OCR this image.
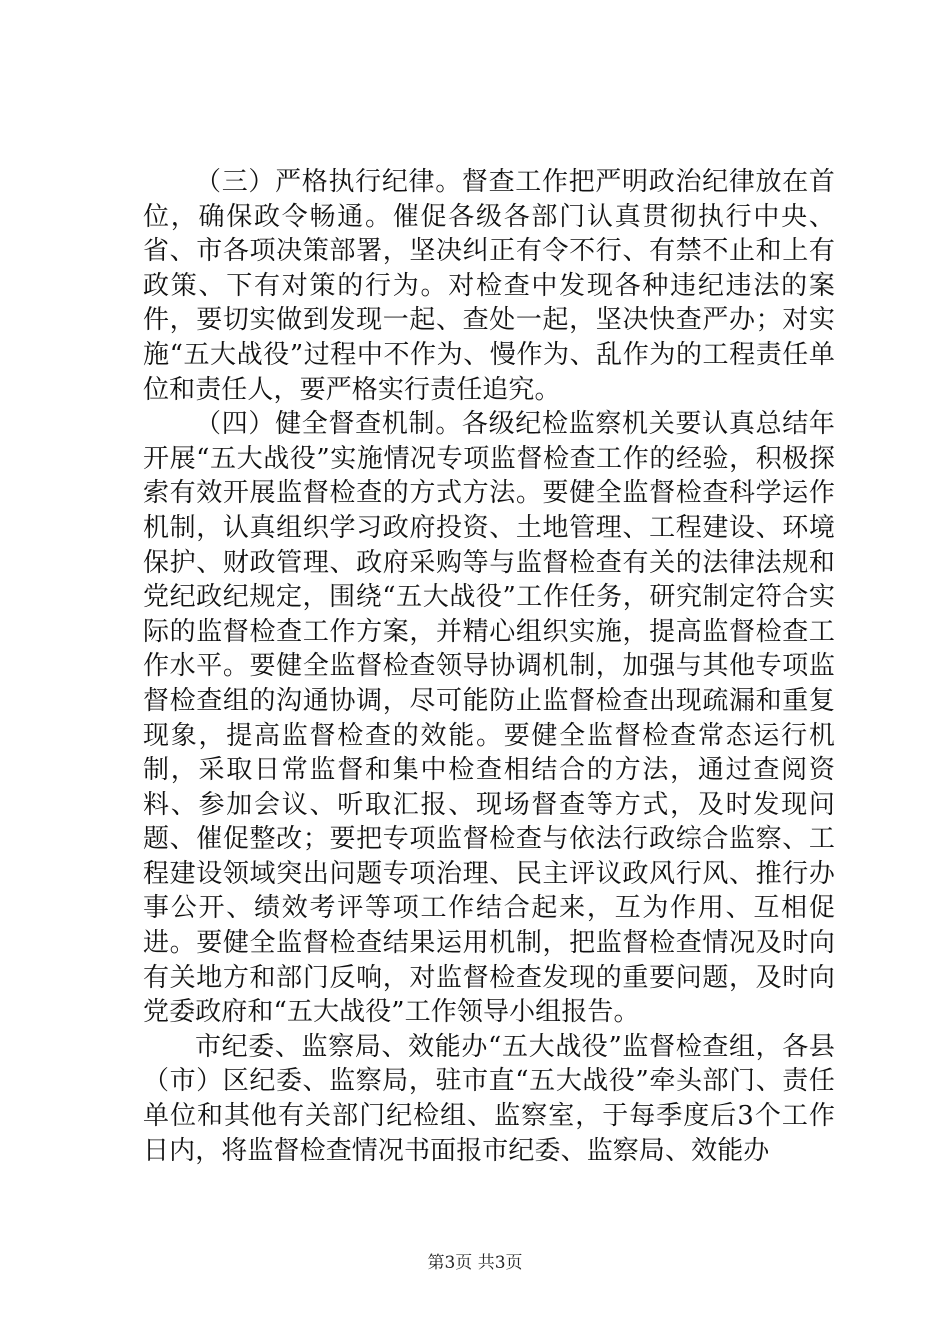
（三）严格执行纪律。督查工作把严明政治纪律放在首位，确保政令畅通。催促各级各部门认真贯彻执行中央、省、市各项决策部署，坚决纠正有令不行、有禁不止和上有政策、下有对策的行为。对检查中发现各种违纪违法的案件，要切实做到发现一起、查处一起，坚决快查严办；对实施“五大战役”过程中不作为、慢作为、乱作为的工程责任单位和责任人，要严格实行责任追究。

（四）健全督查机制。各级纪检监察机关要认真总结年开展“五大战役”实施情况专项监督检查工作的经验，积极探索有效开展监督检查的方式方法。要健全监督检查科学运作机制，认真组织学习政府投资、土地管理、工程建设、环境保护、财政管理、政府采购等与监督检查有关的法律法规和党纪政纪规定，围绕“五大战役”工作任务，研究制定符合实际的监督检查工作方案，并精心组织实施，提高监督检查工作水平。要健全监督检查领导协调机制，加强与其他专项监督检查组的沟通协调，尽可能防止监督检查出现疏漏和重复现象，提高监督检查的效能。要健全监督检查常态运行机制，采取日常监督和集中检查相结合的方法，通过查阅资料、参加会议、听取汇报、现场督查等方式，及时发现问题、催促整改；要把专项监督检查与依法行政综合监察、工程建设领域突出问题专项治理、民主评议政风行风、推行办事公开、绩效考评等项工作结合起来，互为作用、互相促进。要健全监督检查结果运用机制，把监督检查情况及时向有关地方和部门反响，对监督检查发现的重要问题，及时向党委政府和“五大战役”工作领导小组报告。

市纪委、监察局、效能办“五大战役”监督检查组，各县（市）区纪委、监察局，驻市直“五大战役”牵头部门、责任单位和其他有关部门纪检组、监察室，于每季度后3个工作日内，将监督检查情况书面报市纪委、监察局、效能办

第3页 共3页
